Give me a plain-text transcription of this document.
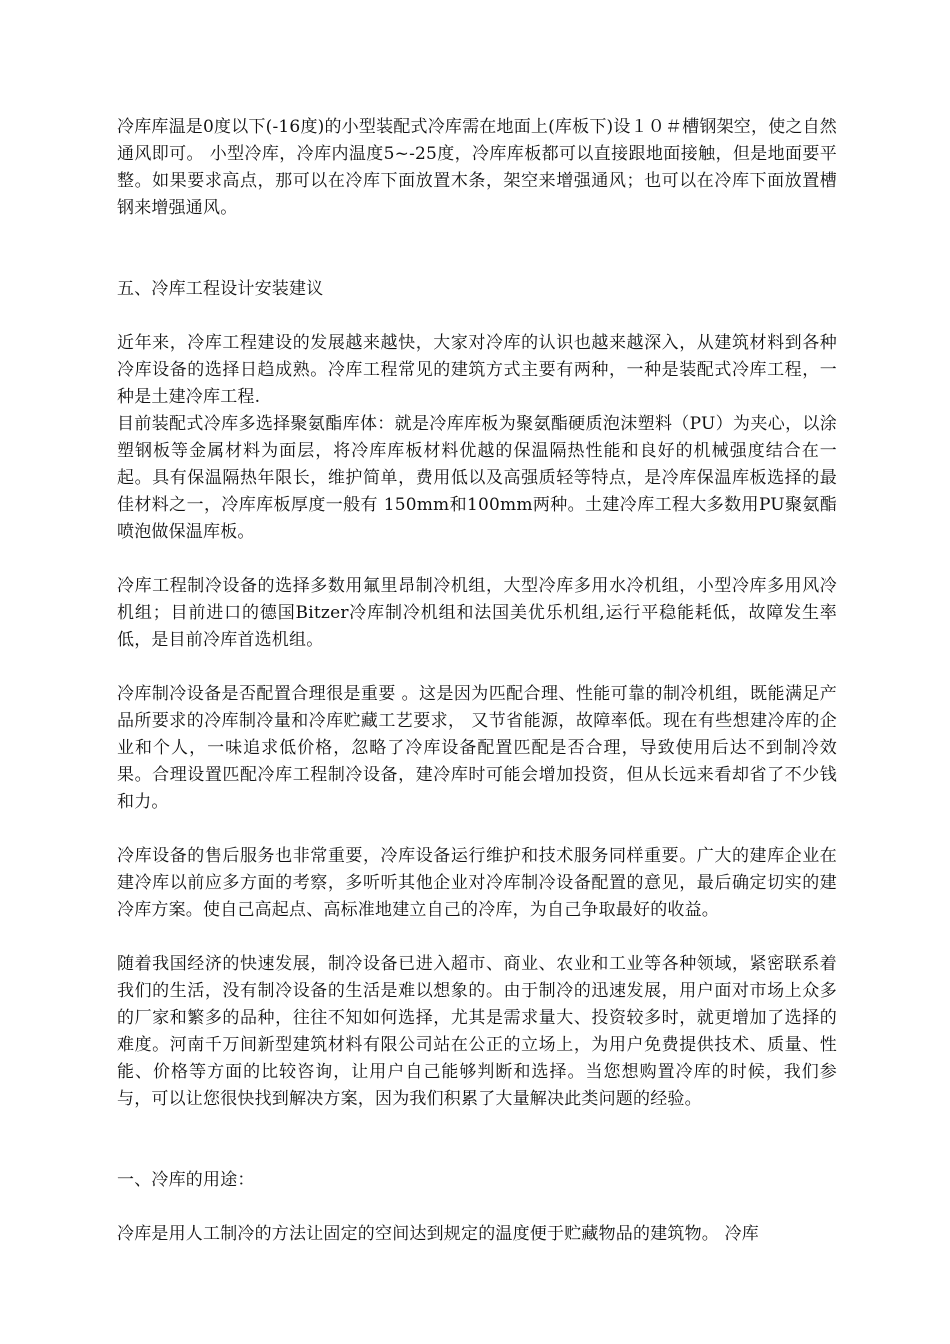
冷库库温是0度以下(-16度)的小型装配式冷库需在地面上(库板下)设１０＃槽钢架空，使之自然通风即可。 小型冷库，冷库内温度5~-25度，冷库库板都可以直接跟地面接触，但是地面要平整。如果要求高点，那可以在冷库下面放置木条，架空来增强通风；也可以在冷库下面放置槽钢来增强通风。

五、冷库工程设计安装建议

近年来，冷库工程建设的发展越来越快，大家对冷库的认识也越来越深入，从建筑材料到各种冷库设备的选择日趋成熟。冷库工程常见的建筑方式主要有两种，一种是装配式冷库工程，一种是土建冷库工程.

目前装配式冷库多选择聚氨酯库体：就是冷库库板为聚氨酯硬质泡沫塑料（PU）为夹心，以涂塑钢板等金属材料为面层，将冷库库板材料优越的保温隔热性能和良好的机械强度结合在一起。具有保温隔热年限长，维护简单，费用低以及高强质轻等特点，是冷库保温库板选择的最佳材料之一，冷库库板厚度一般有 150mm和100mm两种。土建冷库工程大多数用PU聚氨酯喷泡做保温库板。

冷库工程制冷设备的选择多数用氟里昂制冷机组，大型冷库多用水冷机组，小型冷库多用风冷机组；目前进口的德国Bitzer冷库制冷机组和法国美优乐机组,运行平稳能耗低，故障发生率低，是目前冷库首选机组。

冷库制冷设备是否配置合理很是重要 。这是因为匹配合理、性能可靠的制冷机组，既能满足产品所要求的冷库制冷量和冷库贮藏工艺要求， 又节省能源，故障率低。现在有些想建冷库的企业和个人，一味追求低价格，忽略了冷库设备配置匹配是否合理，导致使用后达不到制冷效果。合理设置匹配冷库工程制冷设备，建冷库时可能会增加投资，但从长远来看却省了不少钱和力。

冷库设备的售后服务也非常重要，冷库设备运行维护和技术服务同样重要。广大的建库企业在建冷库以前应多方面的考察，多听听其他企业对冷库制冷设备配置的意见，最后确定切实的建冷库方案。使自己高起点、高标准地建立自己的冷库，为自己争取最好的收益。

随着我国经济的快速发展，制冷设备已进入超市、商业、农业和工业等各种领域，紧密联系着我们的生活，没有制冷设备的生活是难以想象的。由于制冷的迅速发展，用户面对市场上众多的厂家和繁多的品种，往往不知如何选择，尤其是需求量大、投资较多时，就更增加了选择的难度。河南千万间新型建筑材料有限公司站在公正的立场上，为用户免费提供技术、质量、性能、价格等方面的比较咨询，让用户自己能够判断和选择。当您想购置冷库的时候，我们参与，可以让您很快找到解决方案，因为我们积累了大量解决此类问题的经验。

一、冷库的用途：

冷库是用人工制冷的方法让固定的空间达到规定的温度便于贮藏物品的建筑物。 冷库
